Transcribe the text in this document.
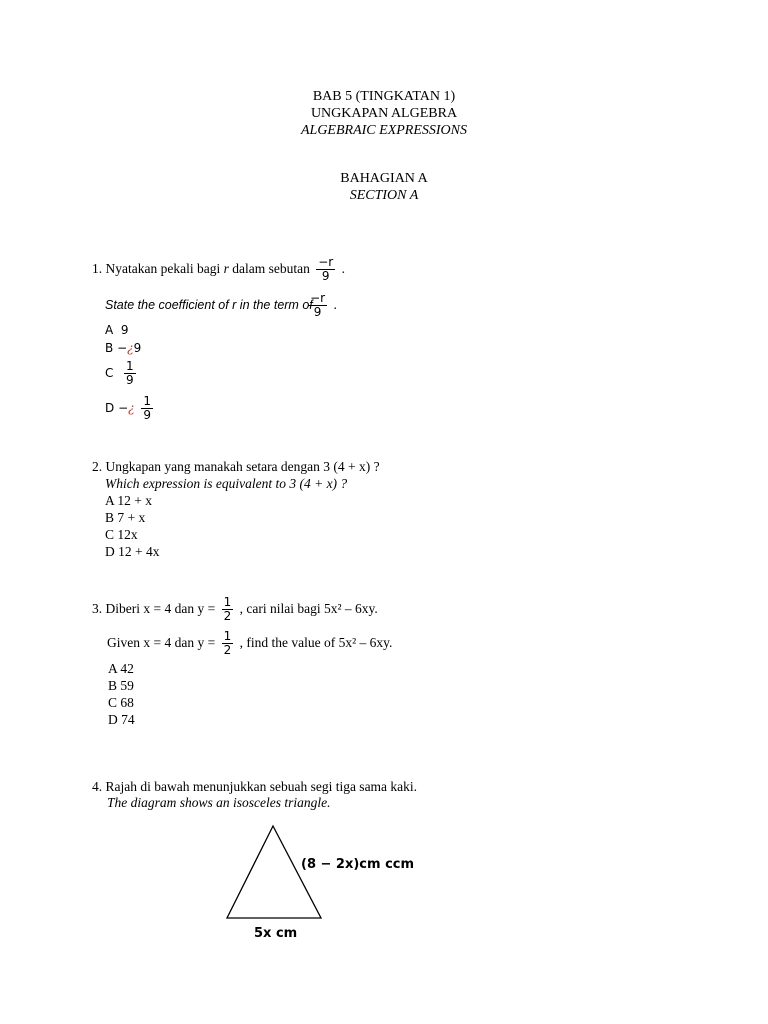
BAB 5 (TINGKATAN 1)
UNGKAPAN ALGEBRA
ALGEBRAIC EXPRESSIONS
BAHAGIAN A
SECTION A
1. Nyatakan pekali bagi r dalam sebutan $\frac{-r}{9}$ .
State the coefficient of r in the term of
$\frac{-r}{9}$ .
A 9
B −¿9
C $\frac{1}{9}$
D −¿ $\frac{1}{9}$
2. Ungkapan yang manakah setara dengan 3 (4 + x) ?
Which expression is equivalent to 3 (4 + x) ?
A 12 + x
B 7 + x
C 12x
D 12 + 4x
3. Diberi x = 4 dan $y = \frac{1}{2}$ , cari nilai bagi 5x² – 6xy.
Given x = 4 dan $y = \frac{1}{2}$ , find the value of 5x² – 6xy.
A 42
B 59
C 68
D 74
4. Rajah di bawah menunjukkan sebuah segi tiga sama kaki.
The diagram shows an isosceles triangle.
(8 − 2x)cm ccm
5x cm
